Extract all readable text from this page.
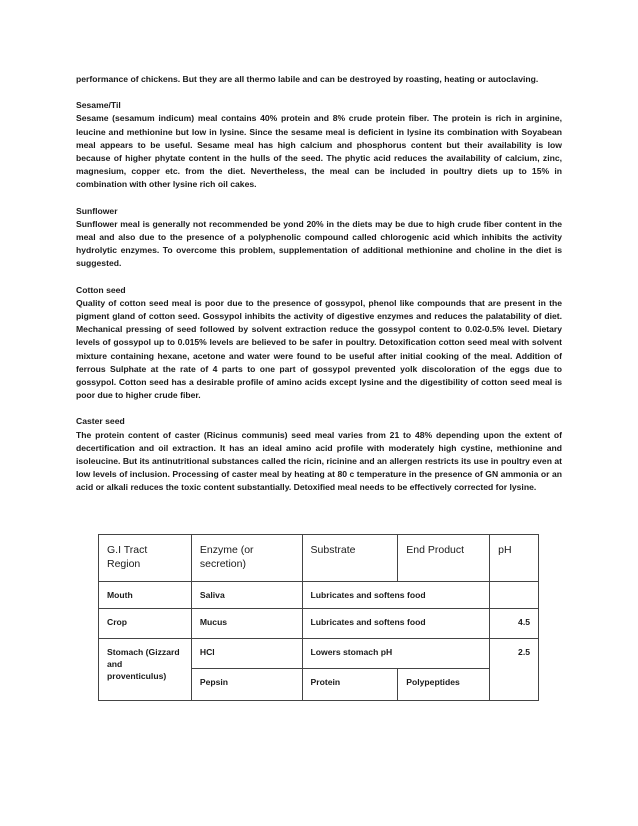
performance of chickens. But they are all thermo labile and can be destroyed by roasting, heating or autoclaving.

Sesame/Til

Sesame (sesamum indicum) meal contains 40% protein and 8% crude protein fiber. The protein is rich in arginine, leucine and methionine but low in lysine. Since the sesame meal is deficient in lysine its combination with Soyabean meal appears to be useful. Sesame meal has high calcium and phosphorus content but their availability is low because of higher phytate content in the hulls of the seed. The phytic acid reduces the availability of calcium, zinc, magnesium, copper etc. from the diet. Nevertheless, the meal can be included in poultry diets up to 15% in combination with other lysine rich oil cakes.

Sunflower

Sunflower meal is generally not recommended be yond 20% in the diets may be due to high crude fiber content in the meal and also due to the presence of a polyphenolic compound called chlorogenic acid which inhibits the activity hydrolytic enzymes. To overcome this problem, supplementation of additional methionine and choline in the diet is suggested.

Cotton seed

Quality of cotton seed meal is poor due to the presence of gossypol, phenol like compounds that are present in the pigment gland of cotton seed. Gossypol inhibits the activity of digestive enzymes and reduces the palatability of diet. Mechanical pressing of seed followed by solvent extraction reduce the gossypol content to 0.02-0.5% level. Dietary levels of gossypol up to 0.015% levels are believed to be safer in poultry. Detoxification cotton seed meal with solvent mixture containing hexane, acetone and water were found to be useful after initial cooking of the meal. Addition of ferrous Sulphate at the rate of 4 parts to one part of gossypol prevented yolk discoloration of the eggs due to gossypol. Cotton seed has a desirable profile of amino acids except lysine and the digestibility of cotton seed meal is poor due to higher crude fiber.

Caster seed

The protein content of caster (Ricinus communis) seed meal varies from 21 to 48% depending upon the extent of decertification and oil extraction. It has an ideal amino acid profile with moderately high cystine, methionine and isoleucine. But its antinutritional substances called the ricin, ricinine and an allergen restricts its use in poultry even at low levels of inclusion. Processing of caster meal by heating at 80 c temperature in the presence of GN ammonia or an acid or alkali reduces the toxic content substantially. Detoxified meal needs to be effectively corrected for lysine.

G.I Tract Region	Enzyme (or secretion)	Substrate	End Product	pH
Mouth	Saliva	Lubricates and softens food		
Crop	Mucus	Lubricates and softens food		4.5
Stomach (Gizzard and proventiculus)	HCl	Lowers stomach pH		2.5
	Pepsin	Protein	Polypeptides	
